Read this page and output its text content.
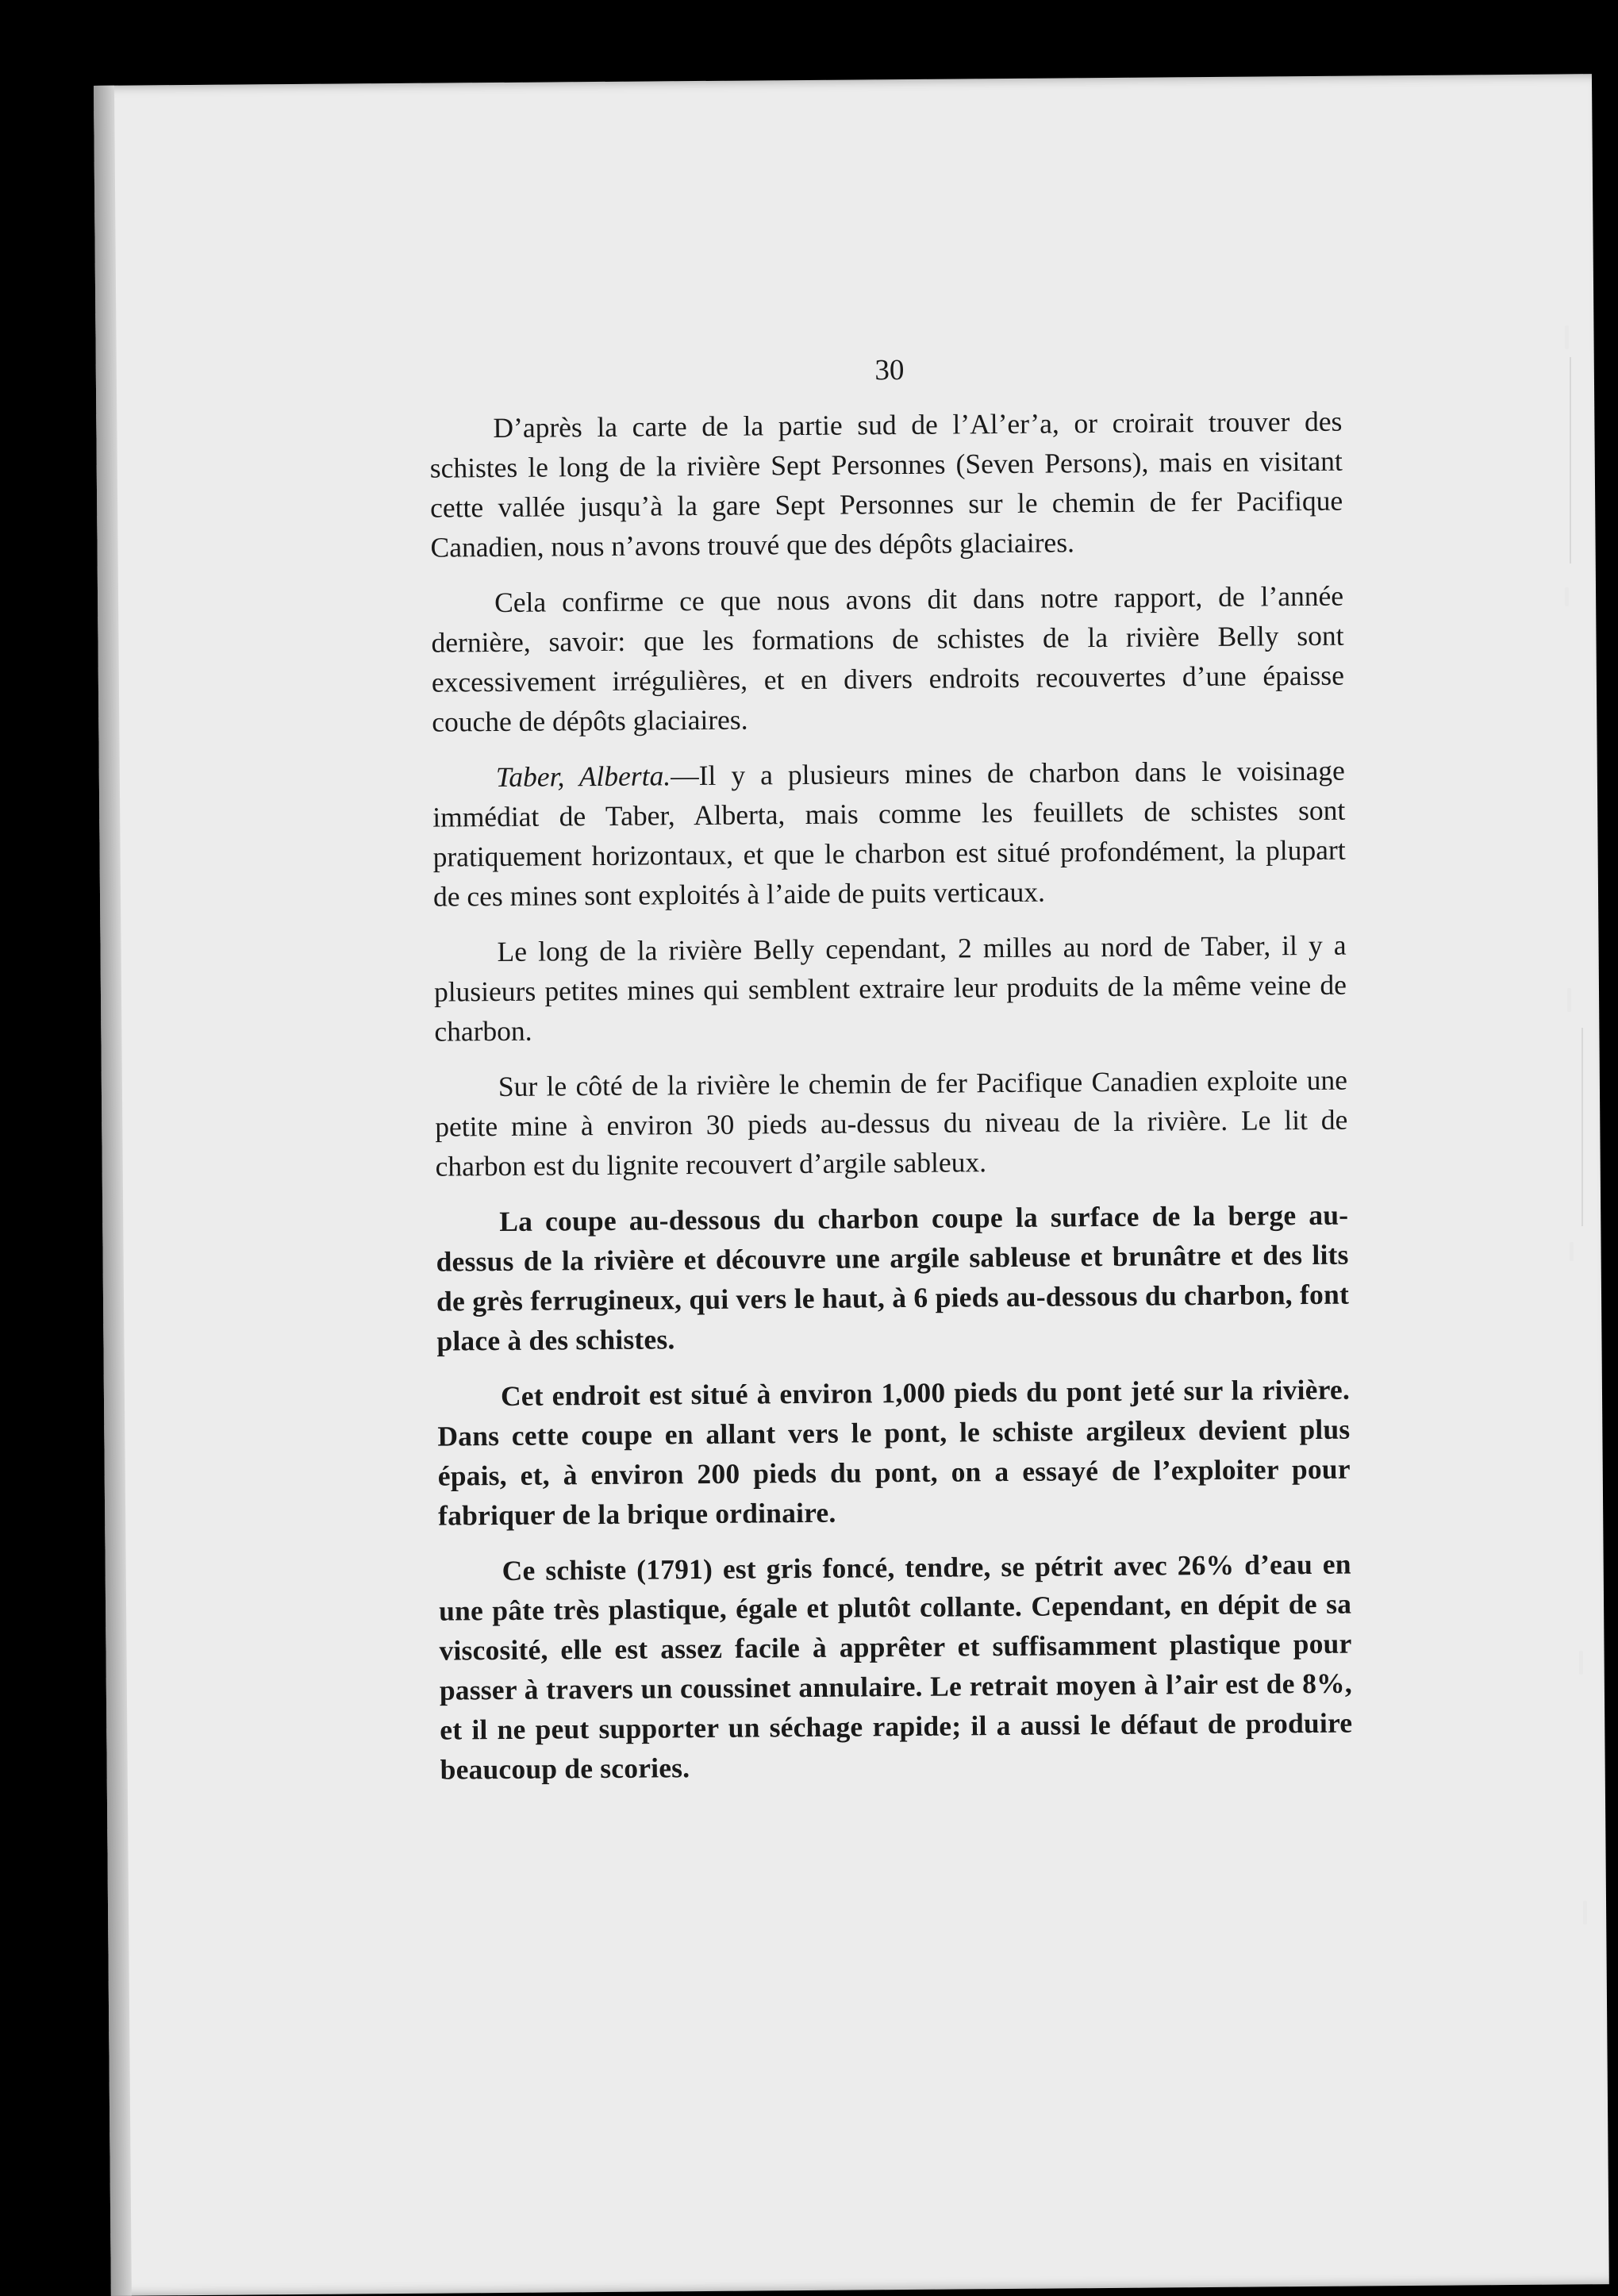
30

D’après la carte de la partie sud de l’Al’er’a, or croirait trouver des schistes le long de la rivière Sept Personnes (Seven Persons), mais en visitant cette vallée jusqu’à la gare Sept Personnes sur le chemin de fer Pacifique Canadien, nous n’avons trouvé que des dépôts glaciaires.

Cela confirme ce que nous avons dit dans notre rapport, de l’année dernière, savoir: que les formations de schistes de la rivière Belly sont excessivement irrégulières, et en divers endroits recouvertes d’une épaisse couche de dépôts glaciaires.

Taber, Alberta.—Il y a plusieurs mines de charbon dans le voisinage immédiat de Taber, Alberta, mais comme les feuillets de schistes sont pratiquement horizontaux, et que le charbon est situé profondément, la plupart de ces mines sont exploités à l’aide de puits verticaux.

Le long de la rivière Belly cependant, 2 milles au nord de Taber, il y a plusieurs petites mines qui semblent extraire leur produits de la même veine de charbon.

Sur le côté de la rivière le chemin de fer Pacifique Canadien exploite une petite mine à environ 30 pieds au-dessus du niveau de la rivière. Le lit de charbon est du lignite recouvert d’argile sableux.

La coupe au-dessous du charbon coupe la surface de la berge au-dessus de la rivière et découvre une argile sableuse et brunâtre et des lits de grès ferrugineux, qui vers le haut, à 6 pieds au-dessous du charbon, font place à des schistes.

Cet endroit est situé à environ 1,000 pieds du pont jeté sur la rivière. Dans cette coupe en allant vers le pont, le schiste argileux devient plus épais, et, à environ 200 pieds du pont, on a essayé de l’exploiter pour fabriquer de la brique ordinaire.

Ce schiste (1791) est gris foncé, tendre, se pétrit avec 26% d’eau en une pâte très plastique, égale et plutôt collante. Cependant, en dépit de sa viscosité, elle est assez facile à apprêter et suffisamment plastique pour passer à travers un coussinet annulaire. Le retrait moyen à l’air est de 8%, et il ne peut supporter un séchage rapide; il a aussi le défaut de produire beaucoup de scories.
